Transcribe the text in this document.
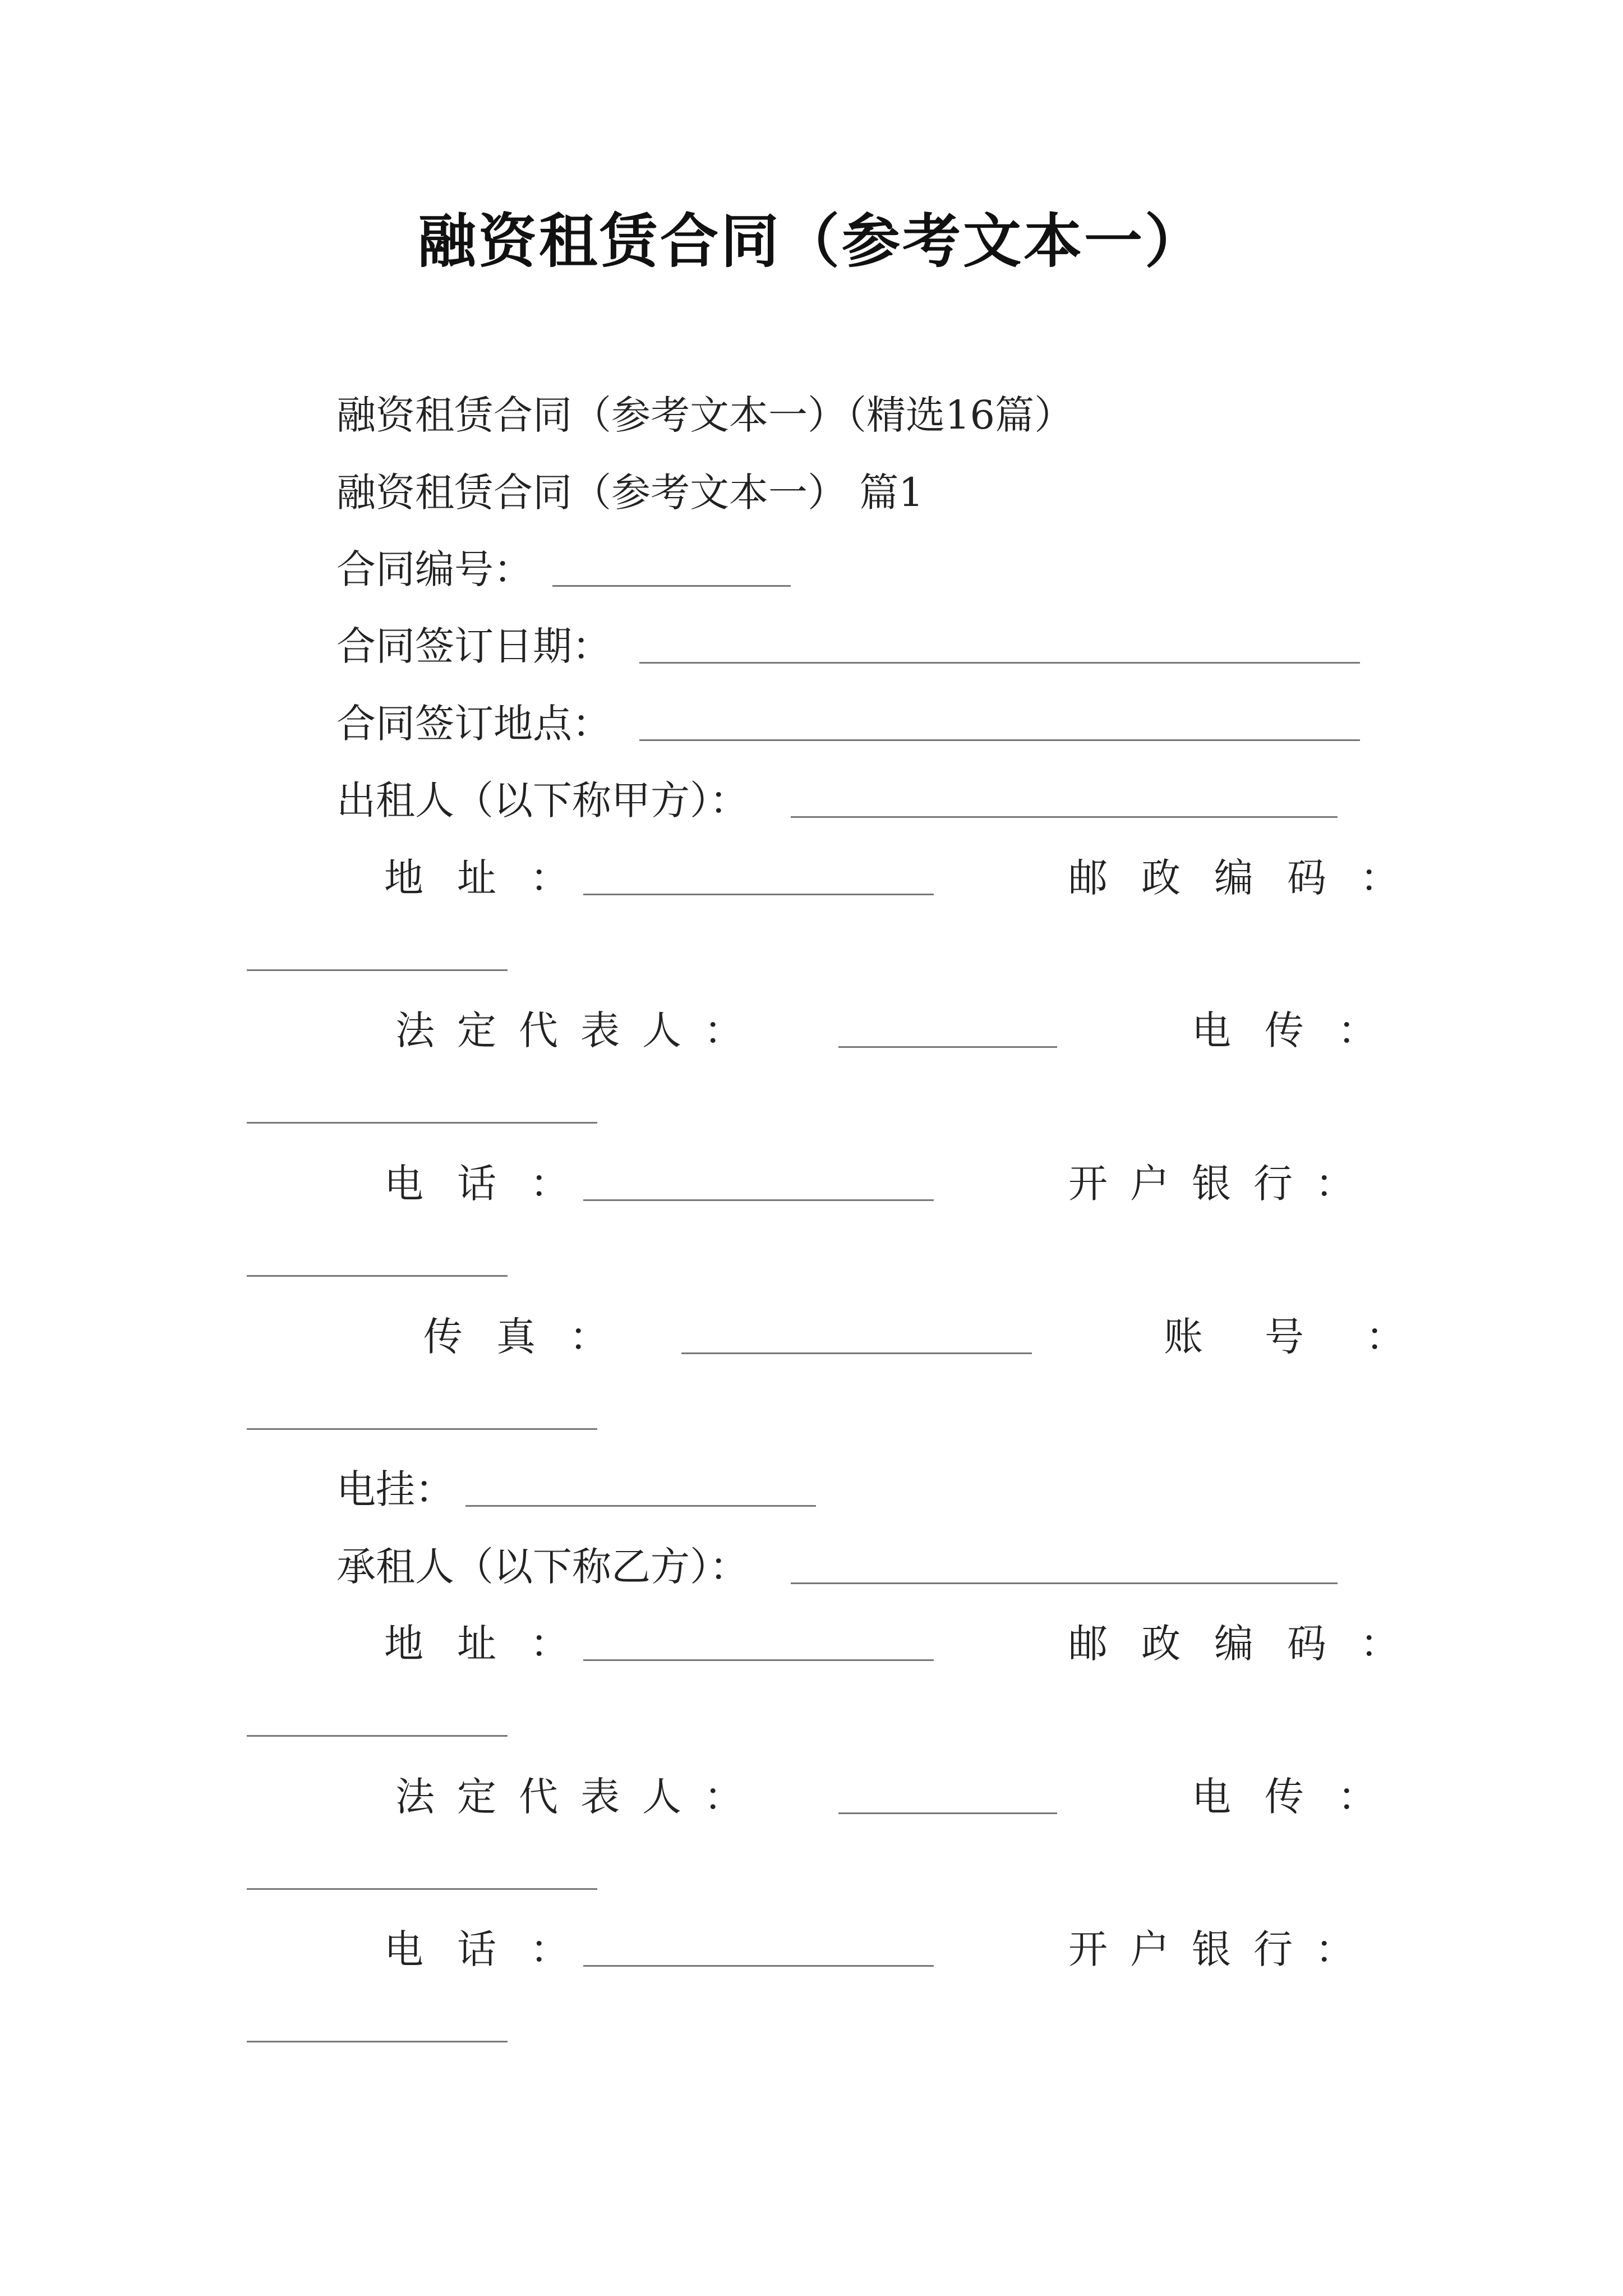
融资租赁合同（参考文本一）
融资租赁合同（参考文本一）（精选16篇）
融资租赁合同（参考文本一） 篇1
合同编号：
合同签订日期：
合同签订地点：
出租人（以下称甲方）：
地址：	邮政编码：
法定代表人：	电传：
电话：	开户银行：
传真：	账号：
电挂：
承租人（以下称乙方）：
地址：	邮政编码：
法定代表人：	电传：
电话：	开户银行：
